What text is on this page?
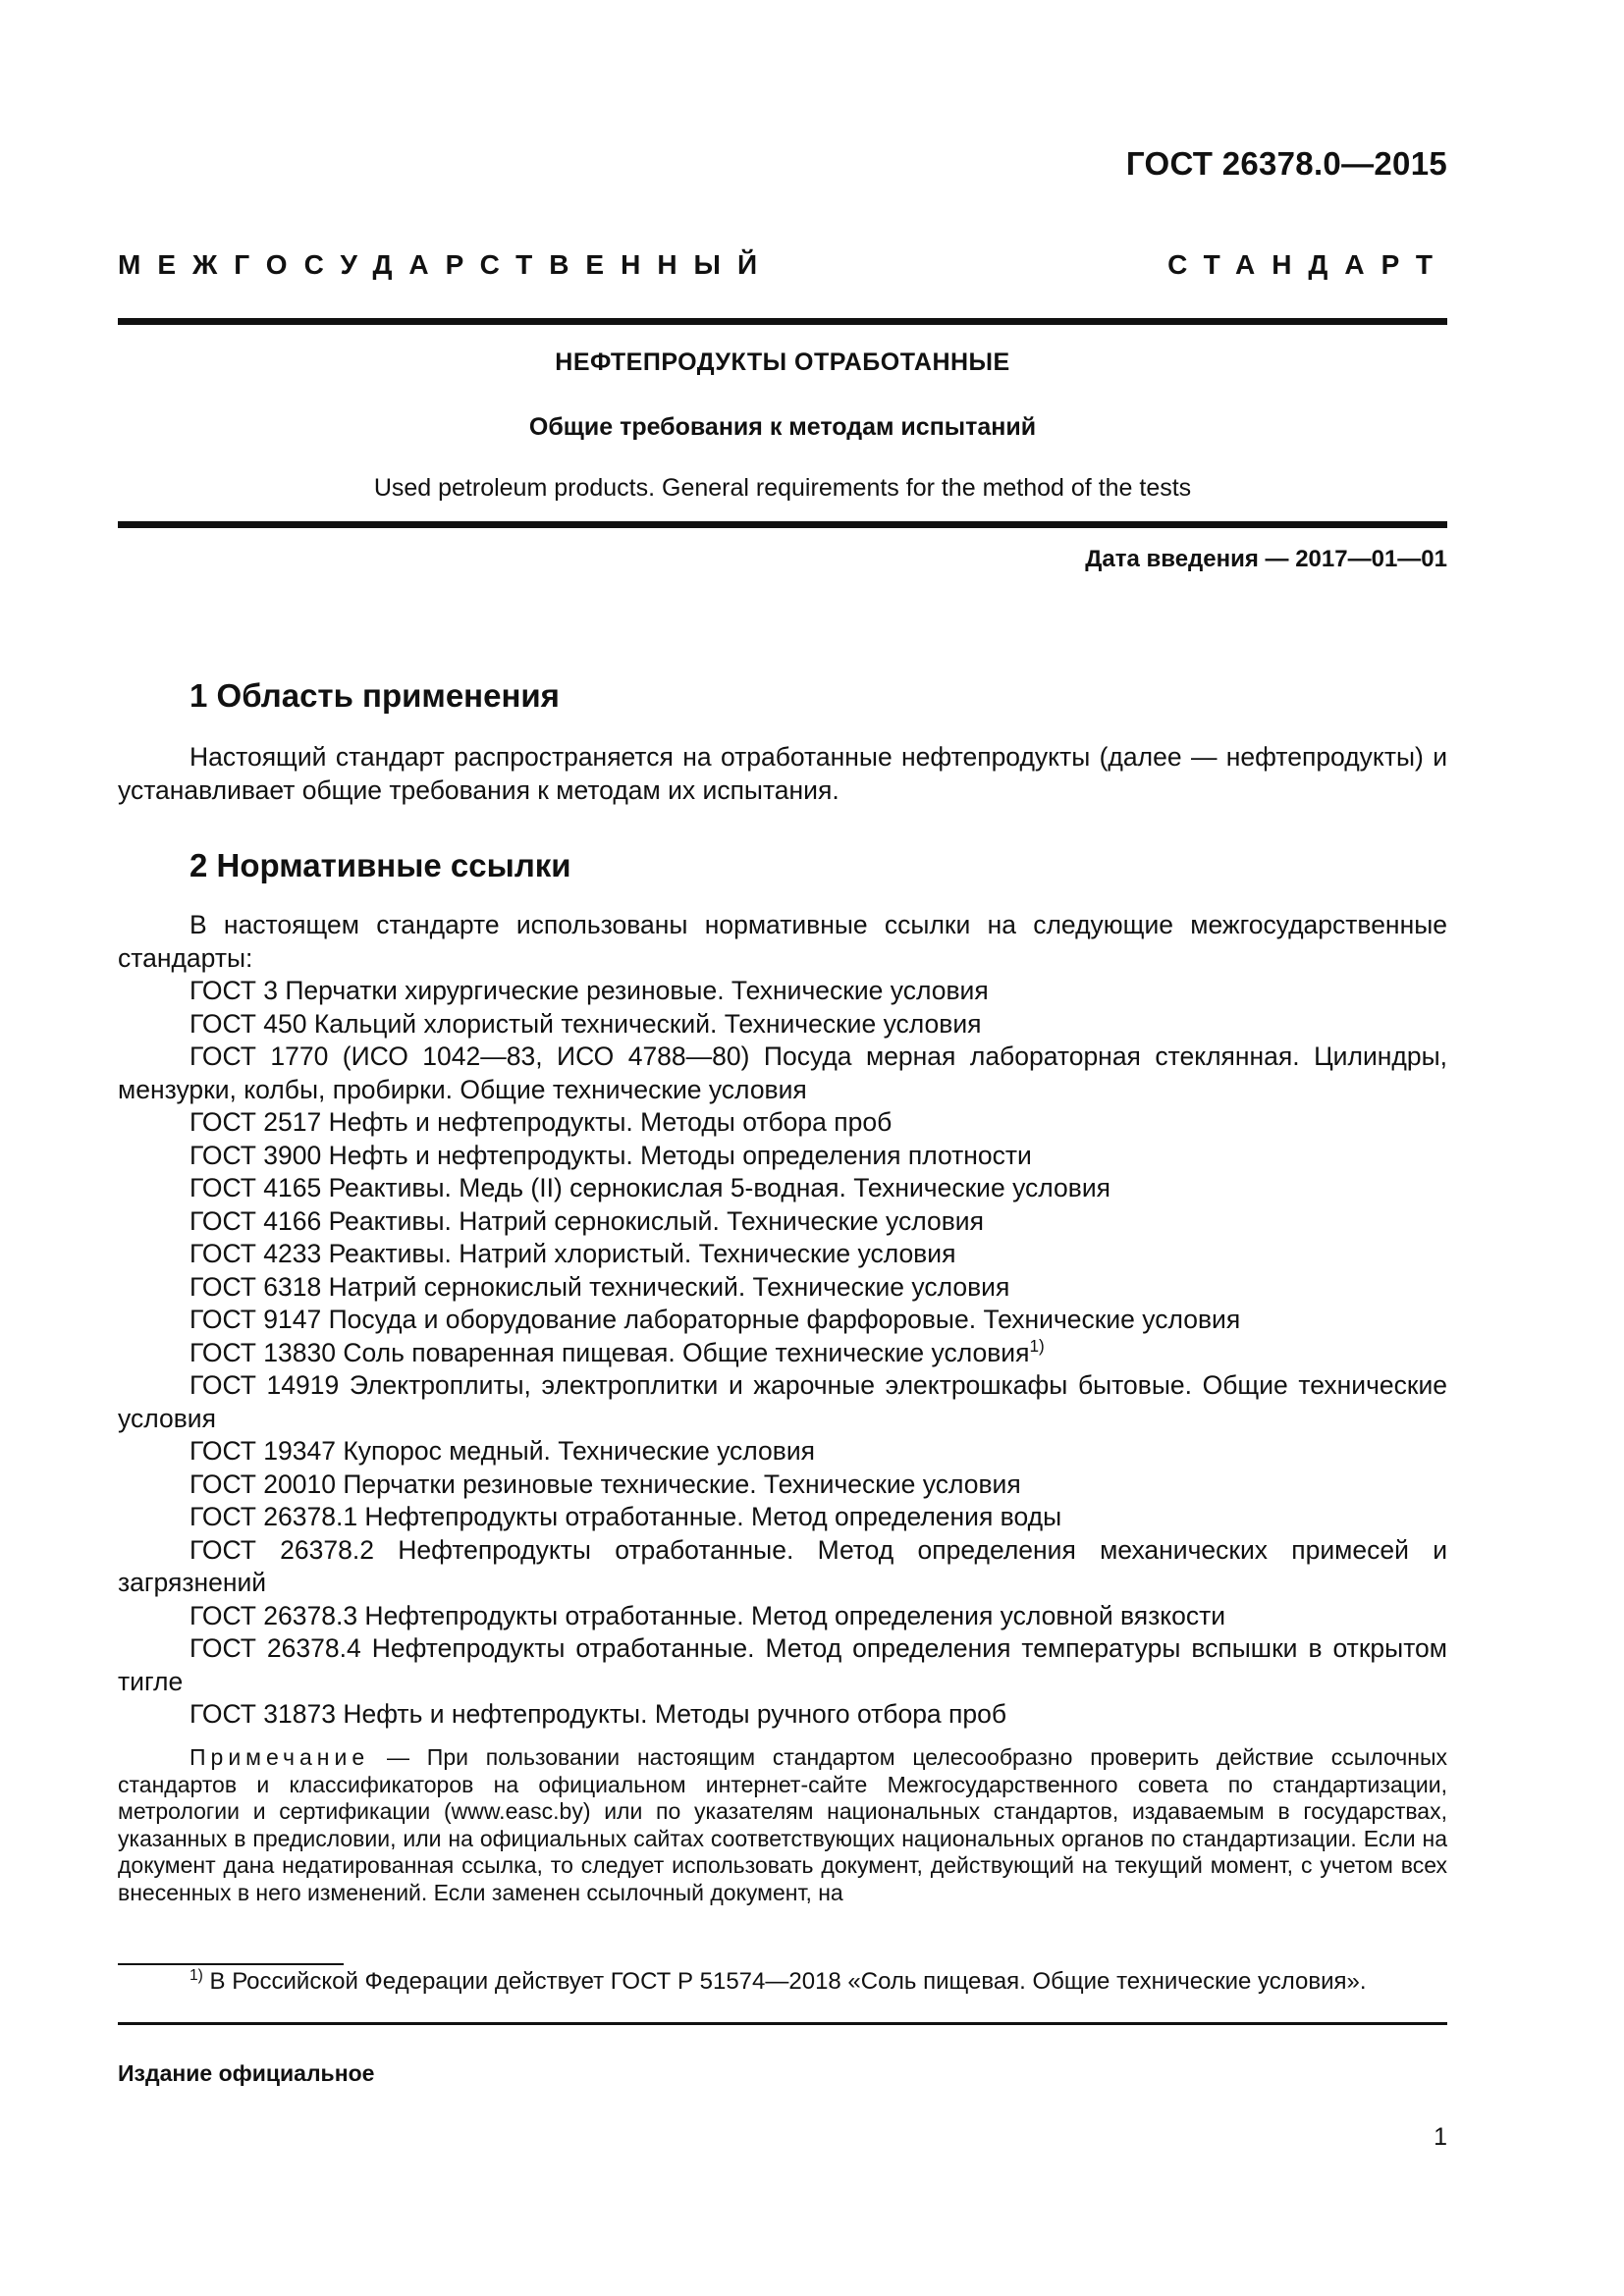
ГОСТ 26378.0—2015
МЕЖГОСУДАРСТВЕННЫЙ СТАНДАРТ
НЕФТЕПРОДУКТЫ ОТРАБОТАННЫЕ
Общие требования к методам испытаний
Used petroleum products. General requirements for the method of the tests
Дата введения — 2017—01—01
1 Область применения

Настоящий стандарт распространяется на отработанные нефтепродукты (далее — нефтепродукты) и устанавливает общие требования к методам их испытания.

2 Нормативные ссылки

В настоящем стандарте использованы нормативные ссылки на следующие межгосударственные стандарты:

ГОСТ 3 Перчатки хирургические резиновые. Технические условия
ГОСТ 450 Кальций хлористый технический. Технические условия
ГОСТ 1770 (ИСО 1042—83, ИСО 4788—80) Посуда мерная лабораторная стеклянная. Цилиндры, мензурки, колбы, пробирки. Общие технические условия
ГОСТ 2517 Нефть и нефтепродукты. Методы отбора проб
ГОСТ 3900 Нефть и нефтепродукты. Методы определения плотности
ГОСТ 4165 Реактивы. Медь (II) сернокислая 5-водная. Технические условия
ГОСТ 4166 Реактивы. Натрий сернокислый. Технические условия
ГОСТ 4233 Реактивы. Натрий хлористый. Технические условия
ГОСТ 6318 Натрий сернокислый технический. Технические условия
ГОСТ 9147 Посуда и оборудование лабораторные фарфоровые. Технические условия
ГОСТ 13830 Соль поваренная пищевая. Общие технические условия$^{1)}$
ГОСТ 14919 Электроплиты, электроплитки и жарочные электрошкафы бытовые. Общие технические условия
ГОСТ 19347 Купорос медный. Технические условия
ГОСТ 20010 Перчатки резиновые технические. Технические условия
ГОСТ 26378.1 Нефтепродукты отработанные. Метод определения воды
ГОСТ 26378.2 Нефтепродукты отработанные. Метод определения механических примесей и загрязнений
ГОСТ 26378.3 Нефтепродукты отработанные. Метод определения условной вязкости
ГОСТ 26378.4 Нефтепродукты отработанные. Метод определения температуры вспышки в открытом тигле
ГОСТ 31873 Нефть и нефтепродукты. Методы ручного отбора проб
Примечание — При пользовании настоящим стандартом целесообразно проверить действие ссылочных стандартов и классификаторов на официальном интернет-сайте Межгосударственного совета по стандартизации, метрологии и сертификации (www.easc.by) или по указателям национальных стандартов, издаваемым в государствах, указанных в предисловии, или на официальных сайтах соответствующих национальных органов по стандартизации. Если на документ дана недатированная ссылка, то следует использовать документ, действующий на текущий момент, с учетом всех внесенных в него изменений. Если заменен ссылочный документ, на
$^{1)}$ В Российской Федерации действует ГОСТ Р 51574—2018 «Соль пищевая. Общие технические условия».
Издание официальное
1
